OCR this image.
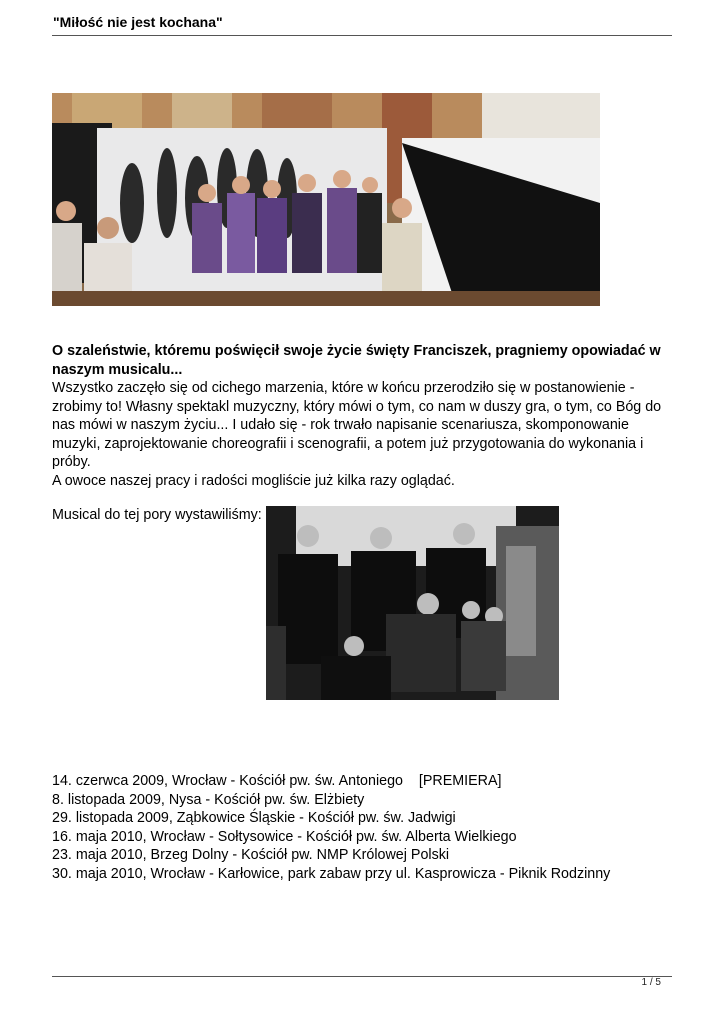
"Miłość nie jest kochana"

O szaleństwie, któremu poświęcił swoje życie święty Franciszek, pragniemy opowiadać w naszym musicalu...

Wszystko zaczęło się od cichego marzenia, które w końcu przerodziło się w postanowienie - zrobimy to! Własny spektakl muzyczny, który mówi o tym, co nam w duszy gra, o tym, co Bóg do nas mówi w naszym życiu... I udało się - rok trwało napisanie scenariusza, skomponowanie muzyki, zaprojektowanie choreografii i scenografii, a potem już przygotowania do wykonania i próby.

A owoce naszej pracy i radości mogliście już kilka razy oglądać.

Musical do tej pory wystawiliśmy:
14. czerwca 2009, Wrocław - Kościół pw. św. Antoniego    [PREMIERA]
8. listopada 2009, Nysa - Kościół pw. św. Elżbiety
29. listopada 2009, Ząbkowice Śląskie - Kościół pw. św. Jadwigi
16. maja 2010, Wrocław - Sołtysowice - Kościół pw. św. Alberta Wielkiego
23. maja 2010, Brzeg Dolny - Kościół pw. NMP Królowej Polski
30. maja 2010, Wrocław - Karłowice, park zabaw przy ul. Kasprowicza - Piknik Rodzinny
1 / 5
